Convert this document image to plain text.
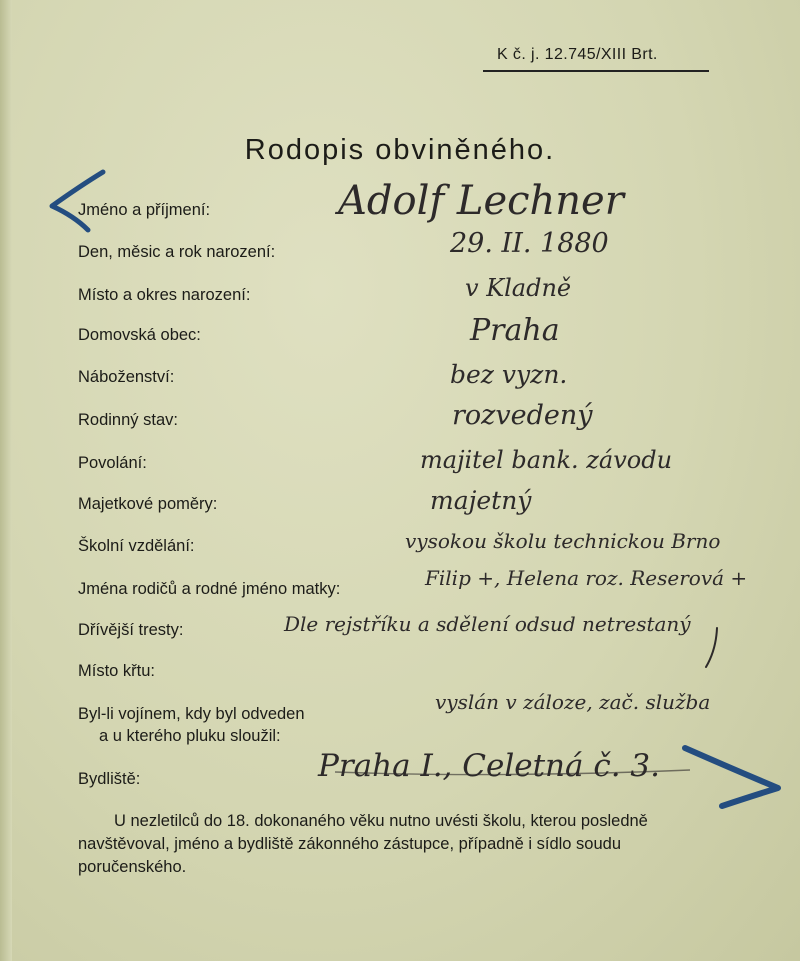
K č. j. 12.745/XIII Brt.
Rodopis obviněného.
Jméno a příjmení:
Den, měsic a rok narození:
Místo a okres narození:
Domovská obec:
Náboženství:
Rodinný stav:
Povolání:
Majetkové poměry:
Školní vzdělání:
Jména rodičů a rodné jméno matky:
Dřívější tresty:
Místo křtu:
Byl-li vojínem, kdy byl odveden
a u kterého pluku sloužil:
Bydliště:
Adolf Lechner
29. II. 1880
v Kladně
Praha
bez vyzn.
rozvedený
majitel bank. závodu
majetný
vysokou školu technickou Brno
Filip +, Helena roz. Reserová +
Dle rejstříku a sdělení odsud netrestaný
vyslán v záloze, zač. služba
Praha I., Celetná č. 3.
U nezletilců do 18. dokonaného věku nutno uvésti školu, kterou posledně navštěvoval, jméno a bydliště zákonného zástupce, případně i sídlo soudu poručenského.
